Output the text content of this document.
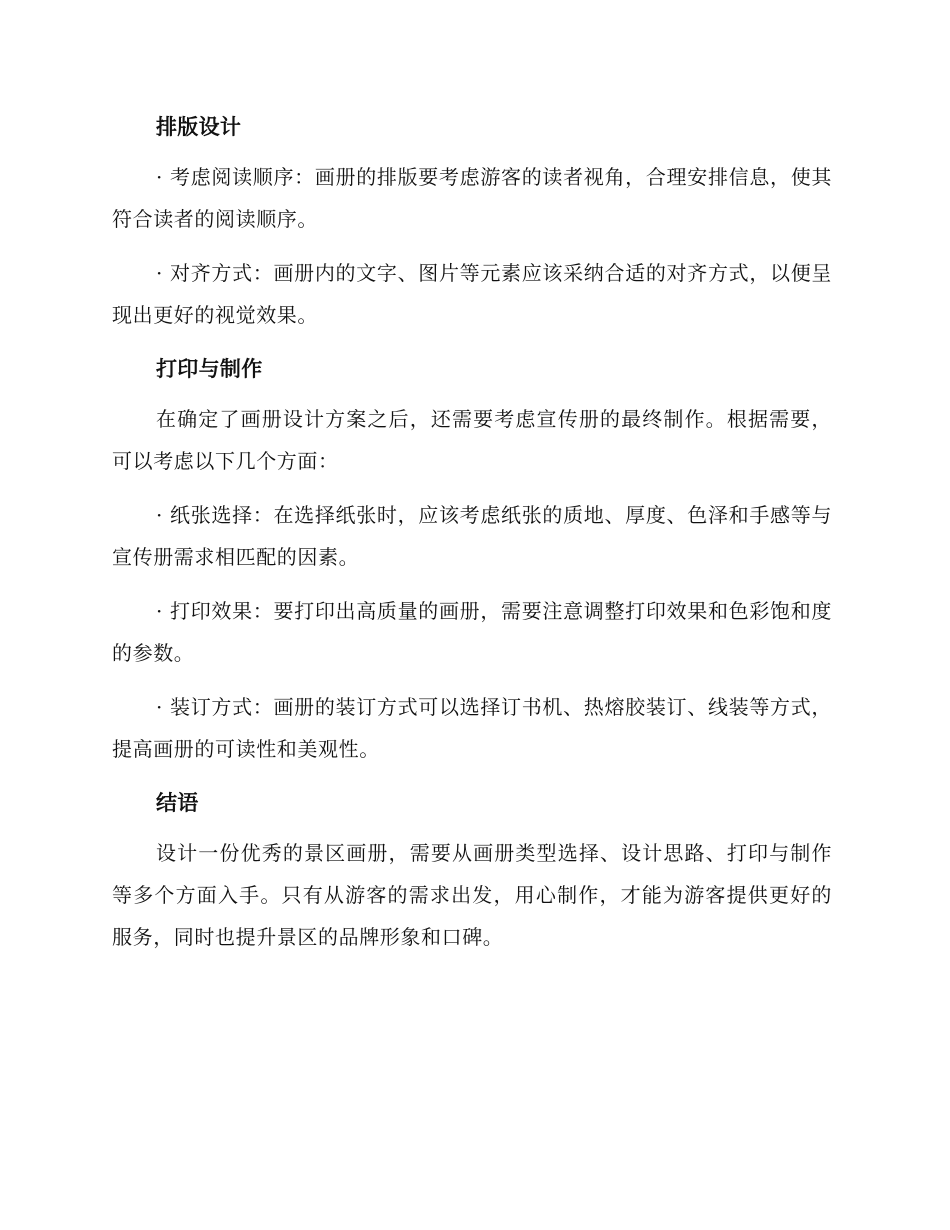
排版设计

· 考虑阅读顺序：画册的排版要考虑游客的读者视角，合理安排信息，使其符合读者的阅读顺序。

· 对齐方式：画册内的文字、图片等元素应该采纳合适的对齐方式，以便呈现出更好的视觉效果。

打印与制作

在确定了画册设计方案之后，还需要考虑宣传册的最终制作。根据需要，可以考虑以下几个方面：

· 纸张选择：在选择纸张时，应该考虑纸张的质地、厚度、色泽和手感等与宣传册需求相匹配的因素。

· 打印效果：要打印出高质量的画册，需要注意调整打印效果和色彩饱和度的参数。

· 装订方式：画册的装订方式可以选择订书机、热熔胶装订、线装等方式，提高画册的可读性和美观性。

结语

设计一份优秀的景区画册，需要从画册类型选择、设计思路、打印与制作等多个方面入手。只有从游客的需求出发，用心制作，才能为游客提供更好的服务，同时也提升景区的品牌形象和口碑。
